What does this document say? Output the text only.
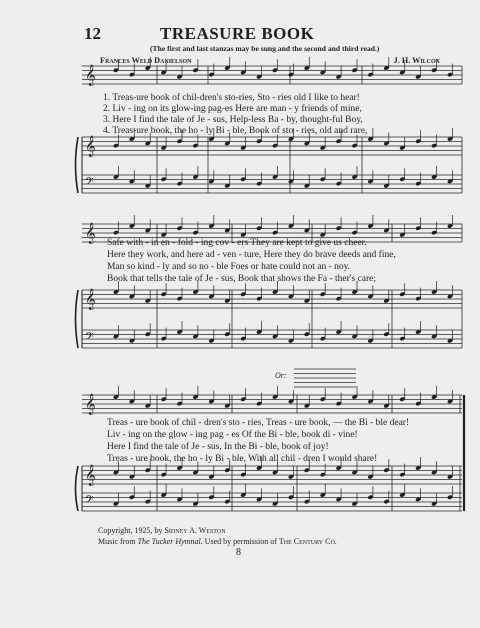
12	TREASURE BOOK
(The first and last stanzas may be sung and the second and third read.)
Frances Weld Danielson	J. H. Wilcox
𝄞
𝄞
𝄢
𝄞
𝄞
𝄢
𝄞
𝄞
𝄢
1. Treas-ure book of chil-dren's sto-ries, Sto - ries old I like to hear!
2. Liv - ing on its glow-ing pag-es Here are man - y friends of mine,
3. Here I find the tale of Je - sus, Help-less Ba - by, thought-ful Boy,
4. Treas-ure book, the ho - ly Bi - ble, Book of sto - ries, old and rare,
Safe with - in en - fold - ing cov - ers They are kept to give us cheer.
Here they work, and here ad - ven - ture, Here they do brave deeds and fine,
Man so kind - ly and so no - ble Foes or hate could not an - noy.
Book that tells the tale of Je - sus, Book that shows the Fa - ther's care;
Or:
Treas - ure book of chil - dren's sto - ries, Treas - ure book, — the Bi - ble dear!
Liv - ing on the glow - ing pag - es Of the Bi - ble, book di - vine!
Here I find the tale of Je - sus, In the Bi - ble, book of joy!
Treas - ure book, the ho - ly Bi - ble, With all chil - dren I would share!
Copyright, 1925, by Sidney A. Weston
Music from The Tucker Hymnal. Used by permission of The Century Co.
8
